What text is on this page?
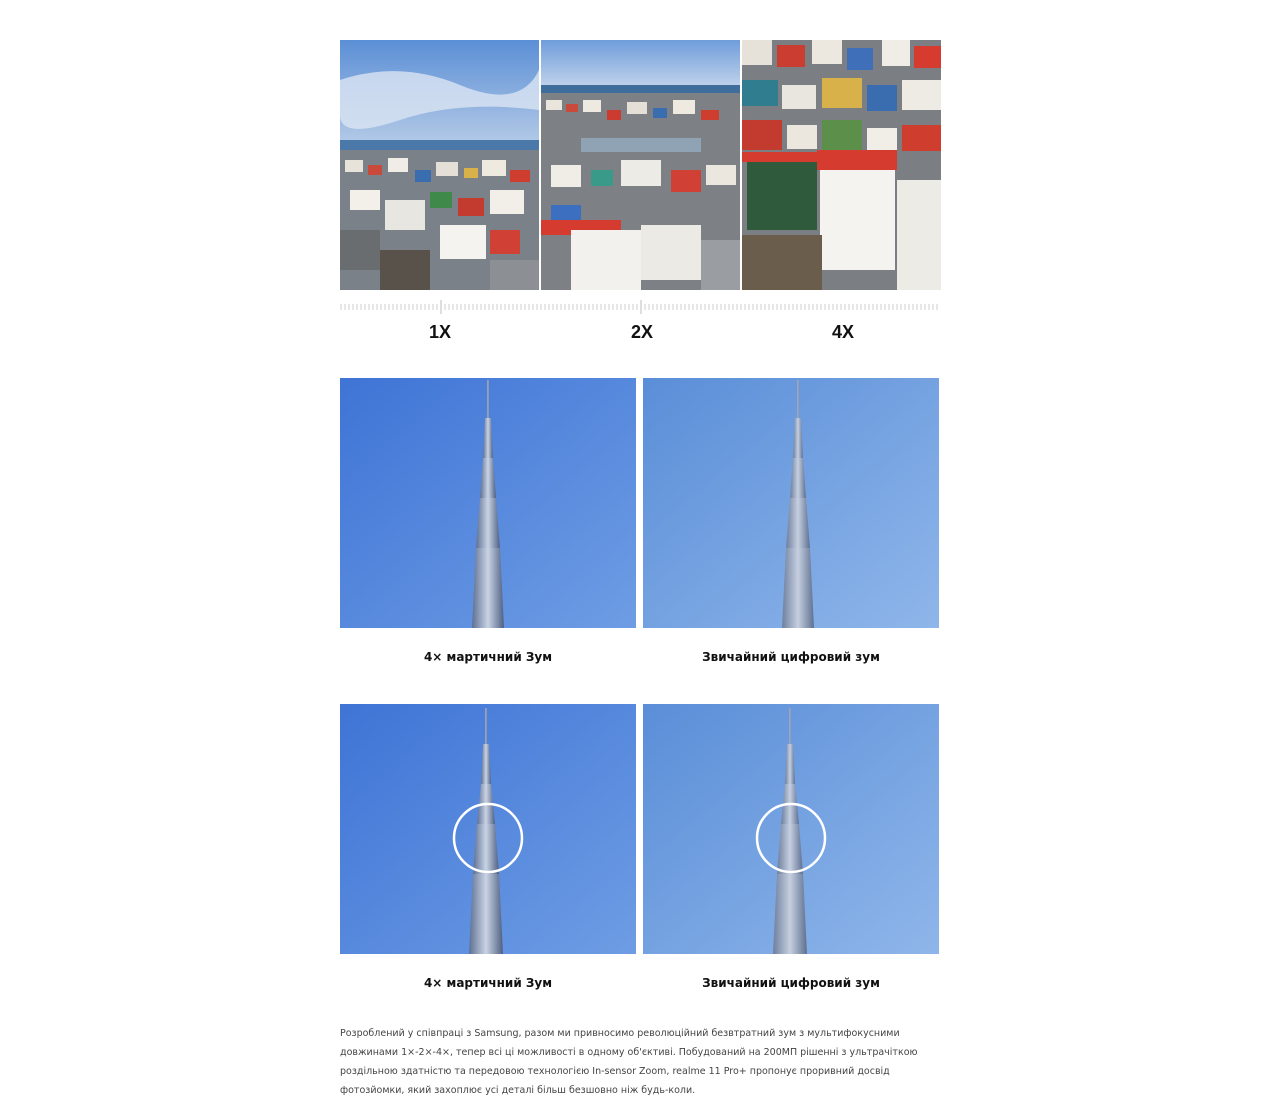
1X	2X	4X
4× мартичний Зум	Звичайний цифровий зум
4× мартичний Зум	Звичайний цифровий зум
Розроблений у співпраці з Samsung, разом ми привносимо революційний безвтратний зум з мультифокусними довжинами 1×-2×-4×, тепер всі ці можливості в одному об'єктиві. Побудований на 200МП рішенні з ультрачіткою роздільною здатністю та передовою технологією In-sensor Zoom, realme 11 Pro+ пропонує проривний досвід фотозйомки, який захоплює усі деталі більш безшовно ніж будь-коли.
